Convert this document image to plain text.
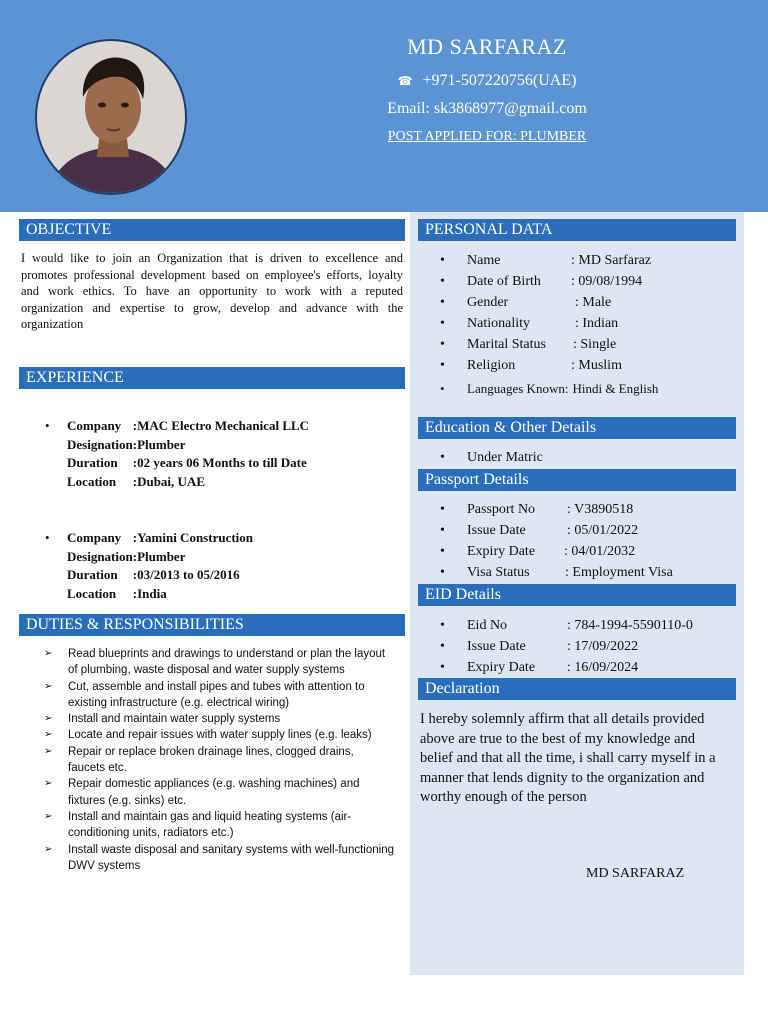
MD SARFARAZ
☎ +971-507220756(UAE)
Email: sk3868977@gmail.com
POST APPLIED FOR: PLUMBER
OBJECTIVE
I would like to join an Organization that is driven to excellence and promotes professional development based on employee's efforts, loyalty and work ethics. To have an opportunity to work with a reputed organization and expertise to grow, develop and advance with the organization
EXPERIENCE
• Company	:	MAC Electro Mechanical LLC
Designation	:	Plumber
Duration	:	02 years 06 Months to till Date
Location	:	Dubai, UAE
• Company	:	Yamini Construction
Designation	:	Plumber
Duration	:	03/2013 to 05/2016
Location	:	India
DUTIES & RESPONSIBILITIES
➢ Read blueprints and drawings to understand or plan the layout of plumbing, waste disposal and water supply systems
➢ Cut, assemble and install pipes and tubes with attention to existing infrastructure (e.g. electrical wiring)
➢ Install and maintain water supply systems
➢ Locate and repair issues with water supply lines (e.g. leaks)
➢ Repair or replace broken drainage lines, clogged drains, faucets etc.
➢ Repair domestic appliances (e.g. washing machines) and fixtures (e.g. sinks) etc.
➢ Install and maintain gas and liquid heating systems (air-conditioning units, radiators etc.)
➢ Install waste disposal and sanitary systems with well-functioning DWV systems
PERSONAL DATA
• Name	: MD Sarfaraz
• Date of Birth : 09/08/1994
• Gender	: Male
• Nationality	: Indian
• Marital Status : Single
• Religion	: Muslim
• Languages Known: Hindi & English
Education & Other Details
• Under Matric
Passport Details
• Passport No : V3890518
• Issue Date	: 05/01/2022
• Expiry Date : 04/01/2032
• Visa Status	: Employment Visa
EID Details
• Eid No	: 784-1994-5590110-0
• Issue Date	: 17/09/2022
• Expiry Date : 16/09/2024
Declaration
I hereby solemnly affirm that all details provided above are true to the best of my knowledge and belief and that all the time, i shall carry myself in a manner that lends dignity to the organization and worthy enough of the person
MD SARFARAZ
